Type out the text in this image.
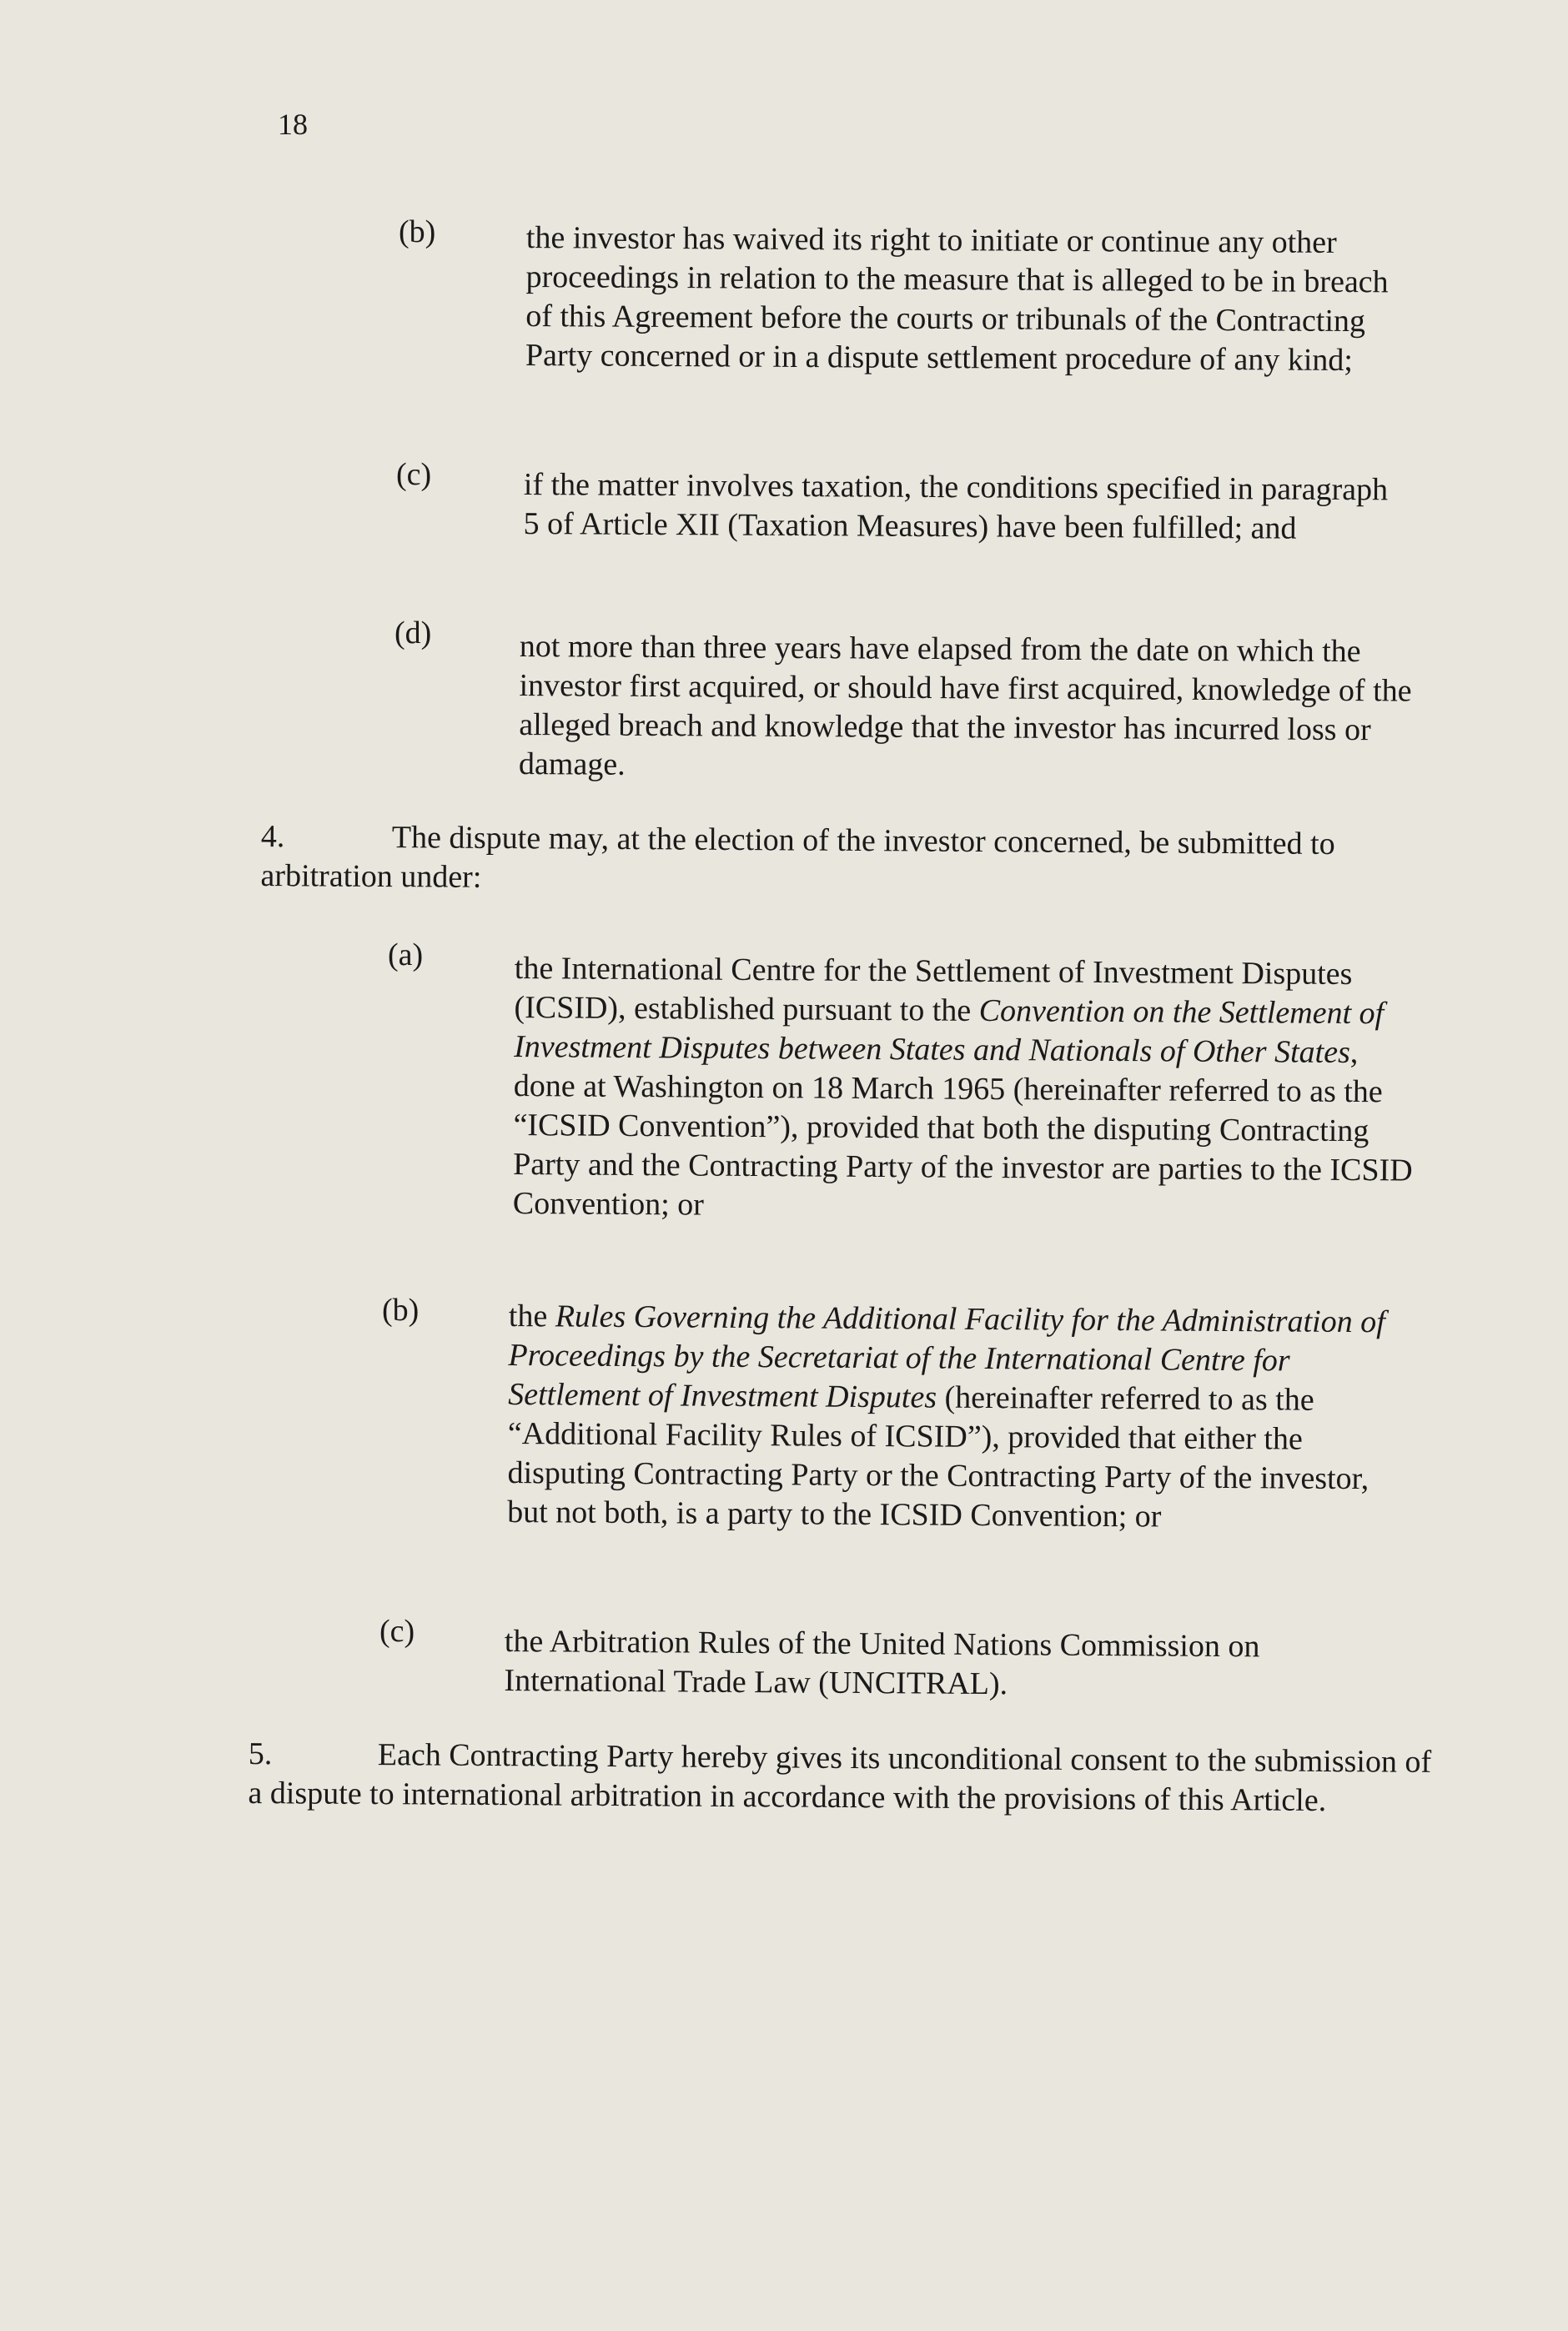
18
(b)	the investor has waived its right to initiate or continue any other proceedings in relation to the measure that is alleged to be in breach of this Agreement before the courts or tribunals of the Contracting Party concerned or in a dispute settlement procedure of any kind;
(c)	if the matter involves taxation, the conditions specified in paragraph 5 of Article XII (Taxation Measures) have been fulfilled; and
(d)	not more than three years have elapsed from the date on which the investor first acquired, or should have first acquired, knowledge of the alleged breach and knowledge that the investor has incurred loss or damage.
4.	The dispute may, at the election of the investor concerned, be submitted to arbitration under:
(a)	the International Centre for the Settlement of Investment Disputes (ICSID), established pursuant to the Convention on the Settlement of Investment Disputes between States and Nationals of Other States, done at Washington on 18 March 1965 (hereinafter referred to as the “ICSID Convention”), provided that both the disputing Contracting Party and the Contracting Party of the investor are parties to the ICSID Convention; or
(b)	the Rules Governing the Additional Facility for the Administration of Proceedings by the Secretariat of the International Centre for Settlement of Investment Disputes (hereinafter referred to as the “Additional Facility Rules of ICSID”), provided that either the disputing Contracting Party or the Contracting Party of the investor, but not both, is a party to the ICSID Convention; or
(c)	the Arbitration Rules of the United Nations Commission on International Trade Law (UNCITRAL).
5.	Each Contracting Party hereby gives its unconditional consent to the submission of a dispute to international arbitration in accordance with the provisions of this Article.
